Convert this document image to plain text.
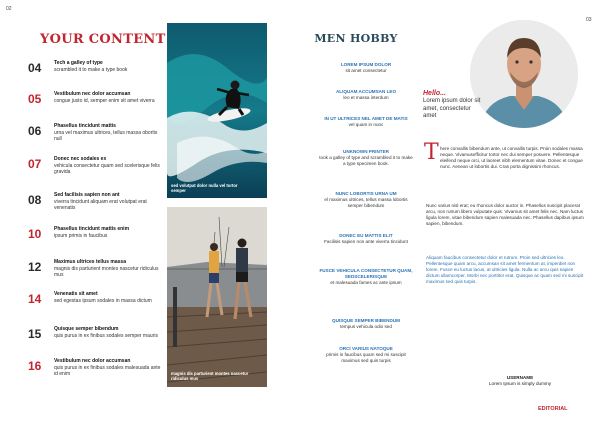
02
YOUR CONTENT
04	Tech a galley of type
scrambled it to make a type book
05	Vestibulum nec dolor accumsan
congue justo id, semper enim sit amet viverra
06	Phasellus tincidunt mattis
urna vel maximus ultrices, tellus massa obortis null
07	Donec nec sodales ex
vehicula consectetur quam sed scelerisque felis gravida
08	Sed facilisis sapien non ant
viverra tincidunt aliquam erat volutpat erat venenatis
10	Phasellus tincidunt mattis enim
ipsum primis in faucibus
12	Maximus ultrices tellus massa
magnis dis parturient montes nascetur ridiculus mus
14	Venenatis sit amet
sed egestas ipsum sodales in massa dictum
15	Quisque semper bibendum
quis purus in ex finibus sodales semper mauris
16	Vestibulum nec dolor accumsan
quis purus in ex finibus sodales malesuada ante id enim
sed volutpat dolor nulla vel tortor semper
magnis dis parturient montes nascetur ridiculus mus
03
MEN HOBBY
LOREM IPSUM DOLOR
sit amet consectetur
ALIQUAM ACCUMSAN LEO
leo et massa interdum
IN UT ULTRICES NEL AMET DE MATIS
vel quam in nunc
UNKNOWN PRINTER
took a galley of type and scrambled it to make a type specimen book.
NUNC LOBORTIS URNA UM
el maximus ultrices, tellus massa lobortis semper bibendum
DONEC EU MATTIS ELIT
Facilisis sapien non ante viverra tincidunt
FUSCE VEHICULA CONSECTETUR QUAM, SEDSCELERISQUE
et malesuada fames ac ante ipsum
QUISQUE SEMPER BIBENDUM
tempus vehicula odio sed
ORCI VARIUS NATOQUE
primis in faucibus quam sed mi suscipit maximus sed quis turpis
Hello...
Lorem ipsum dolor sit amet, consectetur amet
T here convallis bibendum ante, ut convallis turpis. Proin sodales massa neque. Vivamusefficitur tortor nec dui semper posuere. Pellentesque eleifend neque orci, ut laoreet nibh elementum vitae. Donec et congue nunc. Aenean ut lobortis dui. Cras porta dignissim rhoncus.
Nunc varius nisl erat; eu rhoncus dolor auctor in. Phasellus suscipit placerat arcu, non rutrum libero vulputate quis. Vivamus sit amet felis nec. Nam luctus ligula lorem, vitae bibendum sapien malesuada nec. Phasellus dapibus ipsum sapien, bibendum.
Aliquam faucibus consectetur dolor et rutrum. Proin sed ultricies leo. Pellentesque quam arcu, accumsan sit amet fermentum at, imperdiet non lorem. Fusce eu luctus lacus, at ultricies ligula. Nulla ac arcu quis sapien dictum ullamcorper. Morbi nec porttitor erat. Quisque ac quam sed mi suscipit maximus sed quis turpis.
USERNAME
Lorem Ipsum is simply dummy
EDITORIAL
